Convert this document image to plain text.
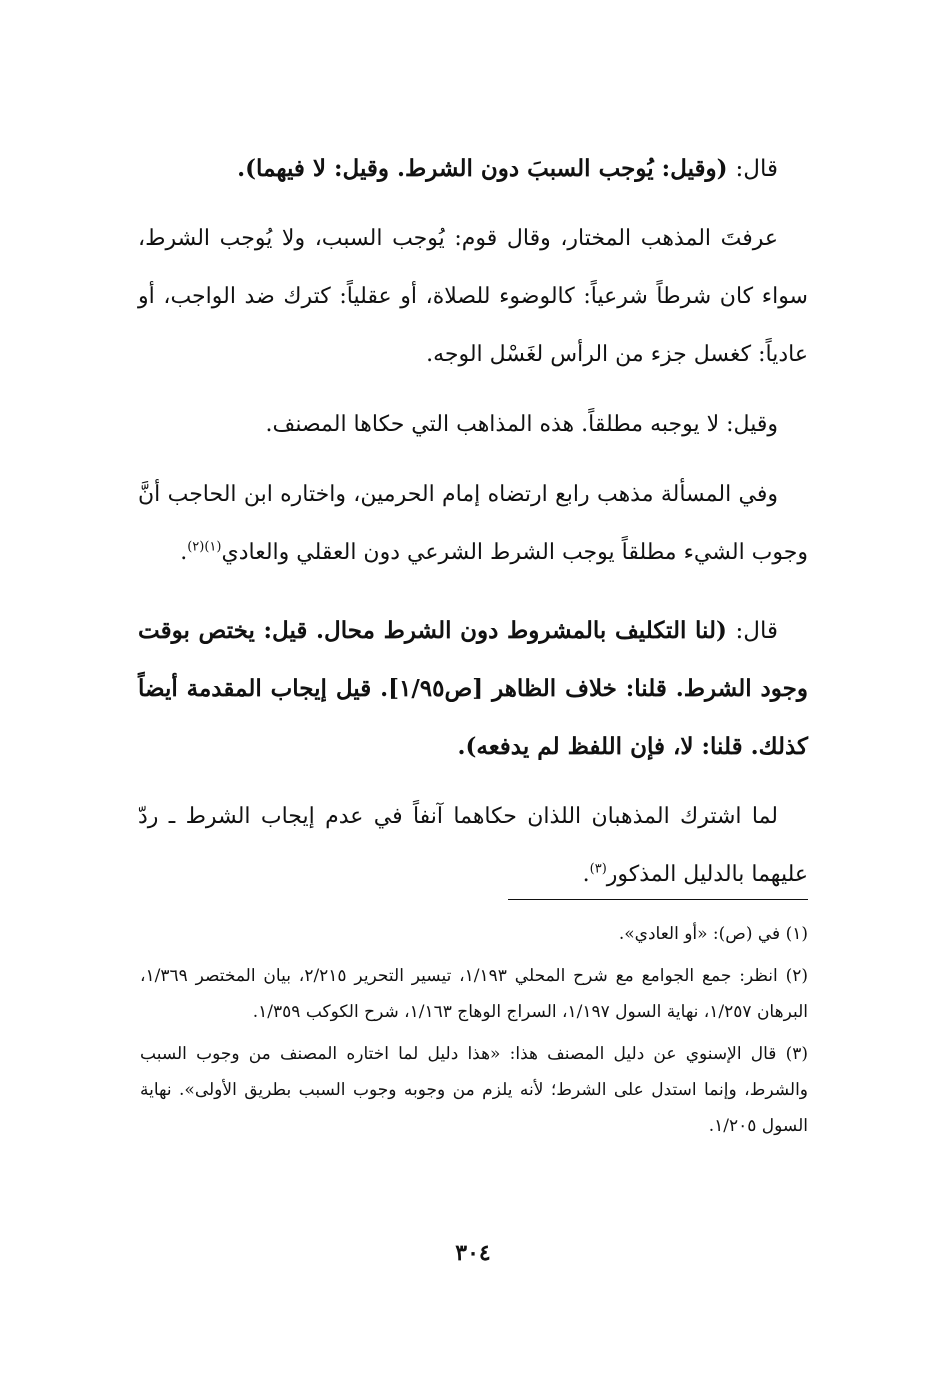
قال: (وقيل: يُوجب السببَ دون الشرط. وقيل: لا فيهما).

عرفتَ المذهب المختار، وقال قوم: يُوجب السبب، ولا يُوجب الشرط، سواء كان شرطاً شرعياً: كالوضوء للصلاة، أو عقلياً: كترك ضد الواجب، أو عادياً: كغسل جزء من الرأس لغَسْل الوجه.

وقيل: لا يوجبه مطلقاً. هذه المذاهب التي حكاها المصنف.

وفي المسألة مذهب رابع ارتضاه إمام الحرمين، واختاره ابن الحاجب أنَّ وجوب الشيء مطلقاً يوجب الشرط الشرعي دون العقلي والعادي$^{(١)(٢)}$.

قال: (لنا التكليف بالمشروط دون الشرط محال. قيل: يختص بوقت وجود الشرط. قلنا: خلاف الظاهر [ص١/٩٥]. قيل إيجاب المقدمة أيضاً كذلك. قلنا: لا، فإن اللفظ لم يدفعه).

لما اشترك المذهبان اللذان حكاهما آنفاً في عدم إيجاب الشرط ـ ردّ عليهما بالدليل المذكور$^{(٣)}$.

(١) في (ص): «أو العادي».

(٢) انظر: جمع الجوامع مع شرح المحلي ١/١٩٣، تيسير التحرير ٢/٢١٥، بيان المختصر ١/٣٦٩، البرهان ١/٢٥٧، نهاية السول ١/١٩٧، السراج الوهاج ١/١٦٣، شرح الكوكب ١/٣٥٩.

(٣) قال الإسنوي عن دليل المصنف هذا: «هذا دليل لما اختاره المصنف من وجوب السبب والشرط، وإنما استدل على الشرط؛ لأنه يلزم من وجوبه وجوب السبب بطريق الأولى». نهاية السول ١/٢٠٥.

٣٠٤
